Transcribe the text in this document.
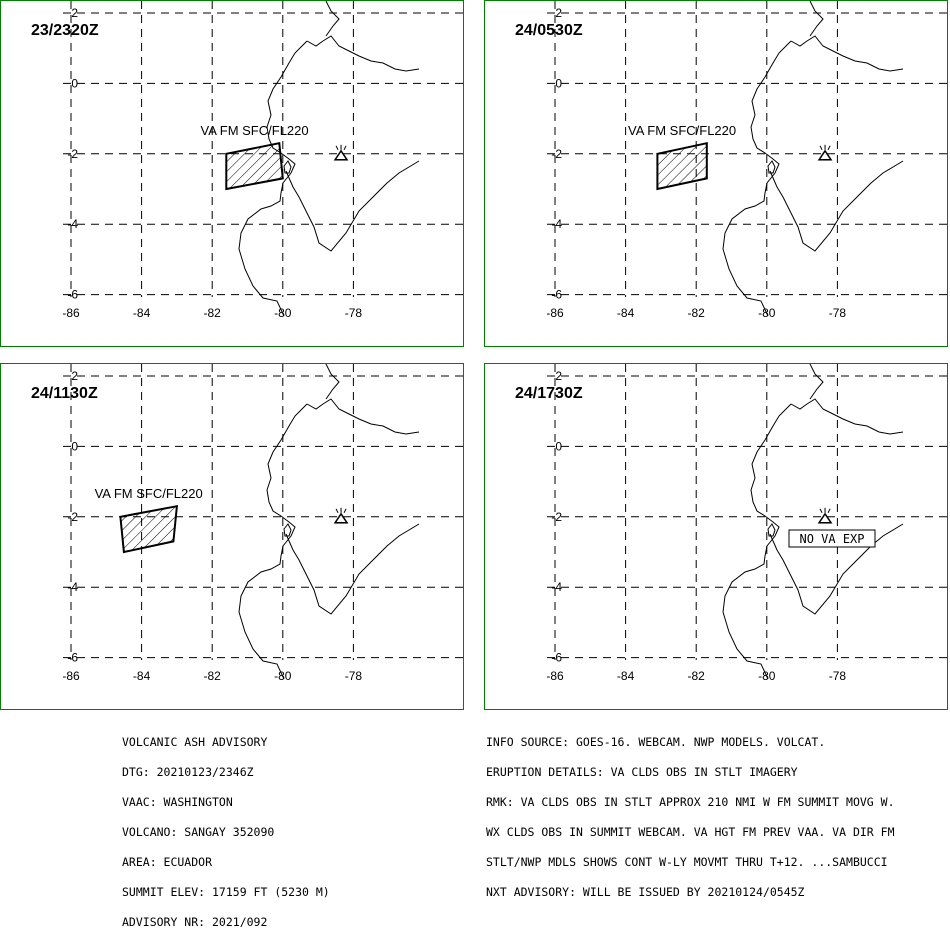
-86	-84	-82	-80	-78
2
0
-2
-4
-6
23/2320Z
VA FM SFC/FL220
-86	-84	-82	-80	-78
2
0
-2
-4
-6
24/0530Z
VA FM SFC/FL220
-86	-84	-82	-80	-78
2
0
-2
-4
-6
24/1130Z
VA FM SFC/FL220
-86	-84	-82	-80	-78
2
0
-2
-4
-6
24/1730Z
NO VA EXP

VOLCANIC ASH ADVISORY

DTG: 20210123/2346Z

VAAC: WASHINGTON

VOLCANO: SANGAY 352090

AREA: ECUADOR

SUMMIT ELEV: 17159 FT (5230 M)

ADVISORY NR: 2021/092

INFO SOURCE: GOES-16. WEBCAM. NWP MODELS. VOLCAT.

ERUPTION DETAILS: VA CLDS OBS IN STLT IMAGERY

RMK: VA CLDS OBS IN STLT APPROX 210 NMI W FM SUMMIT MOVG W.

WX CLDS OBS IN SUMMIT WEBCAM. VA HGT FM PREV VAA. VA DIR FM

STLT/NWP MDLS SHOWS CONT W-LY MOVMT THRU T+12. ...SAMBUCCI

NXT ADVISORY: WILL BE ISSUED BY 20210124/0545Z
